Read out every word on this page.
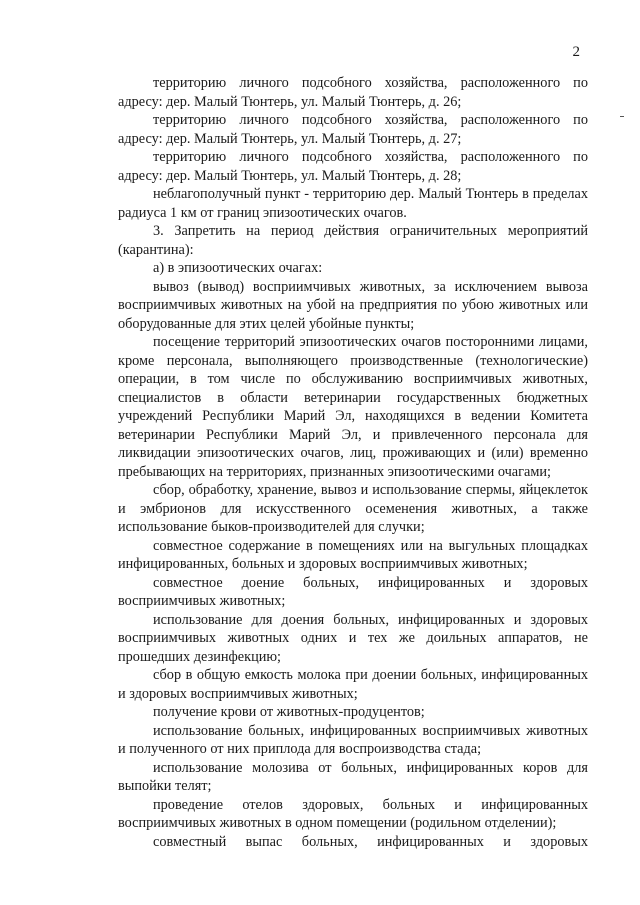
2

территорию личного подсобного хозяйства, расположенного по адресу: дер. Малый Тюнтерь, ул. Малый Тюнтерь, д. 26;

территорию личного подсобного хозяйства, расположенного по адресу: дер. Малый Тюнтерь, ул. Малый Тюнтерь, д. 27;

территорию личного подсобного хозяйства, расположенного по адресу: дер. Малый Тюнтерь, ул. Малый Тюнтерь, д. 28;

неблагополучный пункт - территорию дер. Малый Тюнтерь в пределах радиуса 1 км от границ эпизоотических очагов.

3. Запретить на период действия ограничительных мероприятий (карантина):

а) в эпизоотических очагах:

вывоз (вывод) восприимчивых животных, за исключением вывоза восприимчивых животных на убой на предприятия по убою животных или оборудованные для этих целей убойные пункты;

посещение территорий эпизоотических очагов посторонними лицами, кроме персонала, выполняющего производственные (технологические) операции, в том числе по обслуживанию восприимчивых животных, специалистов в области ветеринарии государственных бюджетных учреждений Республики Марий Эл, находящихся в ведении Комитета ветеринарии Республики Марий Эл, и привлеченного персонала для ликвидации эпизоотических очагов, лиц, проживающих и (или) временно пребывающих на территориях, признанных эпизоотическими очагами;

сбор, обработку, хранение, вывоз и использование спермы, яйцеклеток и эмбрионов для искусственного осеменения животных, а также использование быков-производителей для случки;

совместное содержание в помещениях или на выгульных площадках инфицированных, больных и здоровых восприимчивых животных;

совместное доение больных, инфицированных и здоровых восприимчивых животных;

использование для доения больных, инфицированных и здоровых восприимчивых животных одних и тех же доильных аппаратов, не прошедших дезинфекцию;

сбор в общую емкость молока при доении больных, инфицированных и здоровых восприимчивых животных;

получение крови от животных-продуцентов;

использование больных, инфицированных восприимчивых животных и полученного от них приплода для воспроизводства стада;

использование молозива от больных, инфицированных коров для выпойки телят;

проведение отелов здоровых, больных и инфицированных восприимчивых животных в одном помещении (родильном отделении);

совместный выпас больных, инфицированных и здоровых
